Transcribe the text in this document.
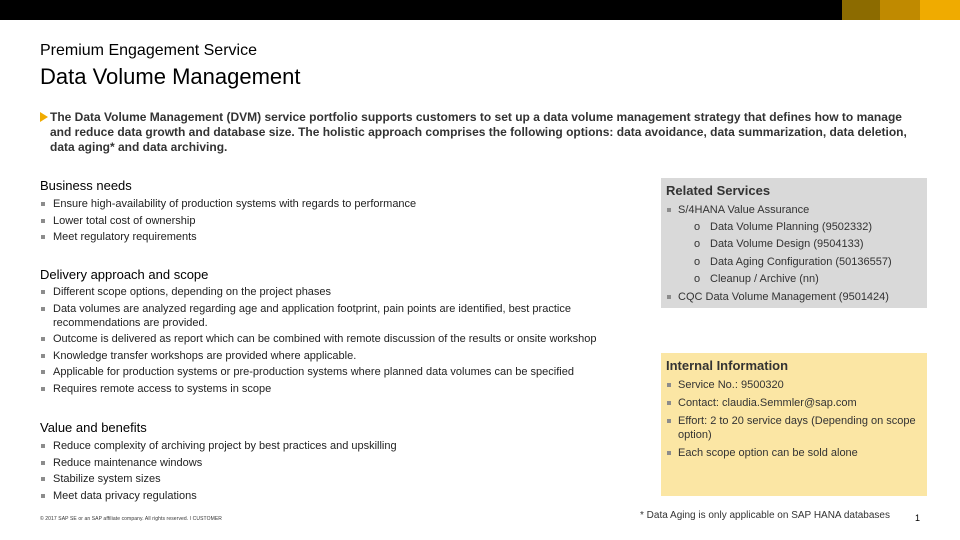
Premium Engagement Service
Data Volume Management
The Data Volume Management (DVM) service portfolio supports customers to set up a data volume management strategy that defines how to manage and reduce data growth and database size. The holistic approach comprises the following options: data avoidance, data summarization, data deletion, data aging* and data archiving.
Business needs
Ensure high-availability of production systems with regards to performance
Lower total cost of ownership
Meet regulatory requirements
Delivery approach and scope
Different scope options, depending on the project phases
Data volumes are analyzed regarding age and application footprint, pain points are identified, best practice recommendations are provided.
Outcome is delivered as report which can be combined with remote discussion of the results or onsite workshop
Knowledge transfer workshops are provided where applicable.
Applicable for production systems or pre-production systems where planned data volumes can be specified
Requires remote access to systems in scope
Value and benefits
Reduce complexity of archiving project by best practices and upskilling
Reduce maintenance windows
Stabilize system sizes
Meet data privacy regulations
Related Services
S/4HANA Value Assurance
o Data Volume Planning (9502332)
o Data Volume Design (9504133)
o Data Aging Configuration (50136557)
o Cleanup / Archive (nn)
CQC Data Volume Management (9501424)
Internal Information
Service No.: 9500320
Contact: claudia.Semmler@sap.com
Effort: 2 to 20 service days (Depending on scope option)
Each scope option can be sold alone
© 2017 SAP SE or an SAP affiliate company. All rights reserved. ǀ CUSTOMER	* Data Aging is only applicable on SAP HANA databases	1
